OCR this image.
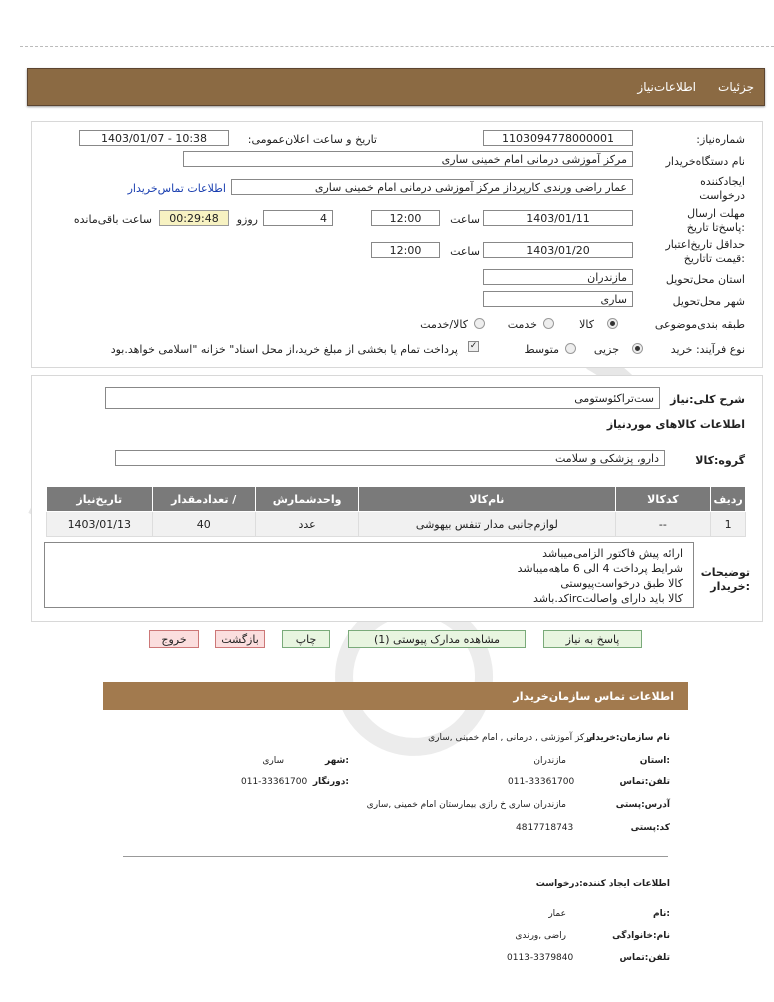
جزئیات
اطلاعات‌نیاز
شماره‌نیاز:
1103094778000001
تاریخ و ساعت اعلان‌عمومی:
1403/01/07 - 10:38
نام دستگاه‌خریدار
مرکز آموزشی درمانی امام خمینی ساری
ایجادکننده درخواست
عمار راضی ورندی کارپرداز مرکز آموزشی درمانی امام خمینی ساری
اطلاعات تماس‌خریدار
مهلت ارسال :پاسخ‌تا تاریخ
1403/01/11
ساعت
12:00
4
روزو
00:29:48
ساعت باقی‌مانده
حداقل تاریخ‌اعتبار :قیمت تا‌تاریخ
1403/01/20
ساعت
12:00
استان محل‌تحویل
مازندران
شهر محل‌تحویل
ساری
طبقه بندی‌موضوعی
کالا
خدمت
کالا/خدمت
نوع فرآیند: خرید
جزیی
متوسط
✓
پرداخت تمام یا بخشی از مبلغ خرید،از محل اسناد" خزانه "اسلامی خواهد.بود
شرح کلی‌:نیاز
ست‌تراکئوستومی
اطلاعات کالاهای موردنیاز
گروه:کالا
دارو، پزشکی و سلامت
ردیف	کدکالا	نام‌کالا	واحدشمارش	/ تعدادمقدار	تاریخ‌نیاز
1	--	لوازم‌جانبی مدار تنفس بیهوشی	عدد	40	1403/01/13
توضیحات :خریدار
ارائه پیش فاکتور الزامی‌میباشد
شرایط پرداخت 4 الی 6 ماهه‌میباشد
کالا طبق درخواست‌پیوستی
کالا باید دارای واصالتircکد.باشد
پاسخ به نیاز
مشاهده مدارک پیوستی (1)
چاپ
بازگشت
خروج
اطلاعات تماس سازمان‌خریدار
نام سازمان:خریدار
مرکز آموزشی , درمانی , امام خمینی ,ساری
:استان
مازندران
:شهر
ساری
تلفن:تماس
011-33361700
:دورنگار
011-33361700
آدرس:پستی
مازندران ساری خ رازی بیمارستان امام خمینی ,ساری
کد:پستی
4817718743
اطلاعات ایجاد کننده:درخواست
:نام
عمار
نام:خانوادگی
راضی ,ورندی
تلفن:تماس
0113-3379840
